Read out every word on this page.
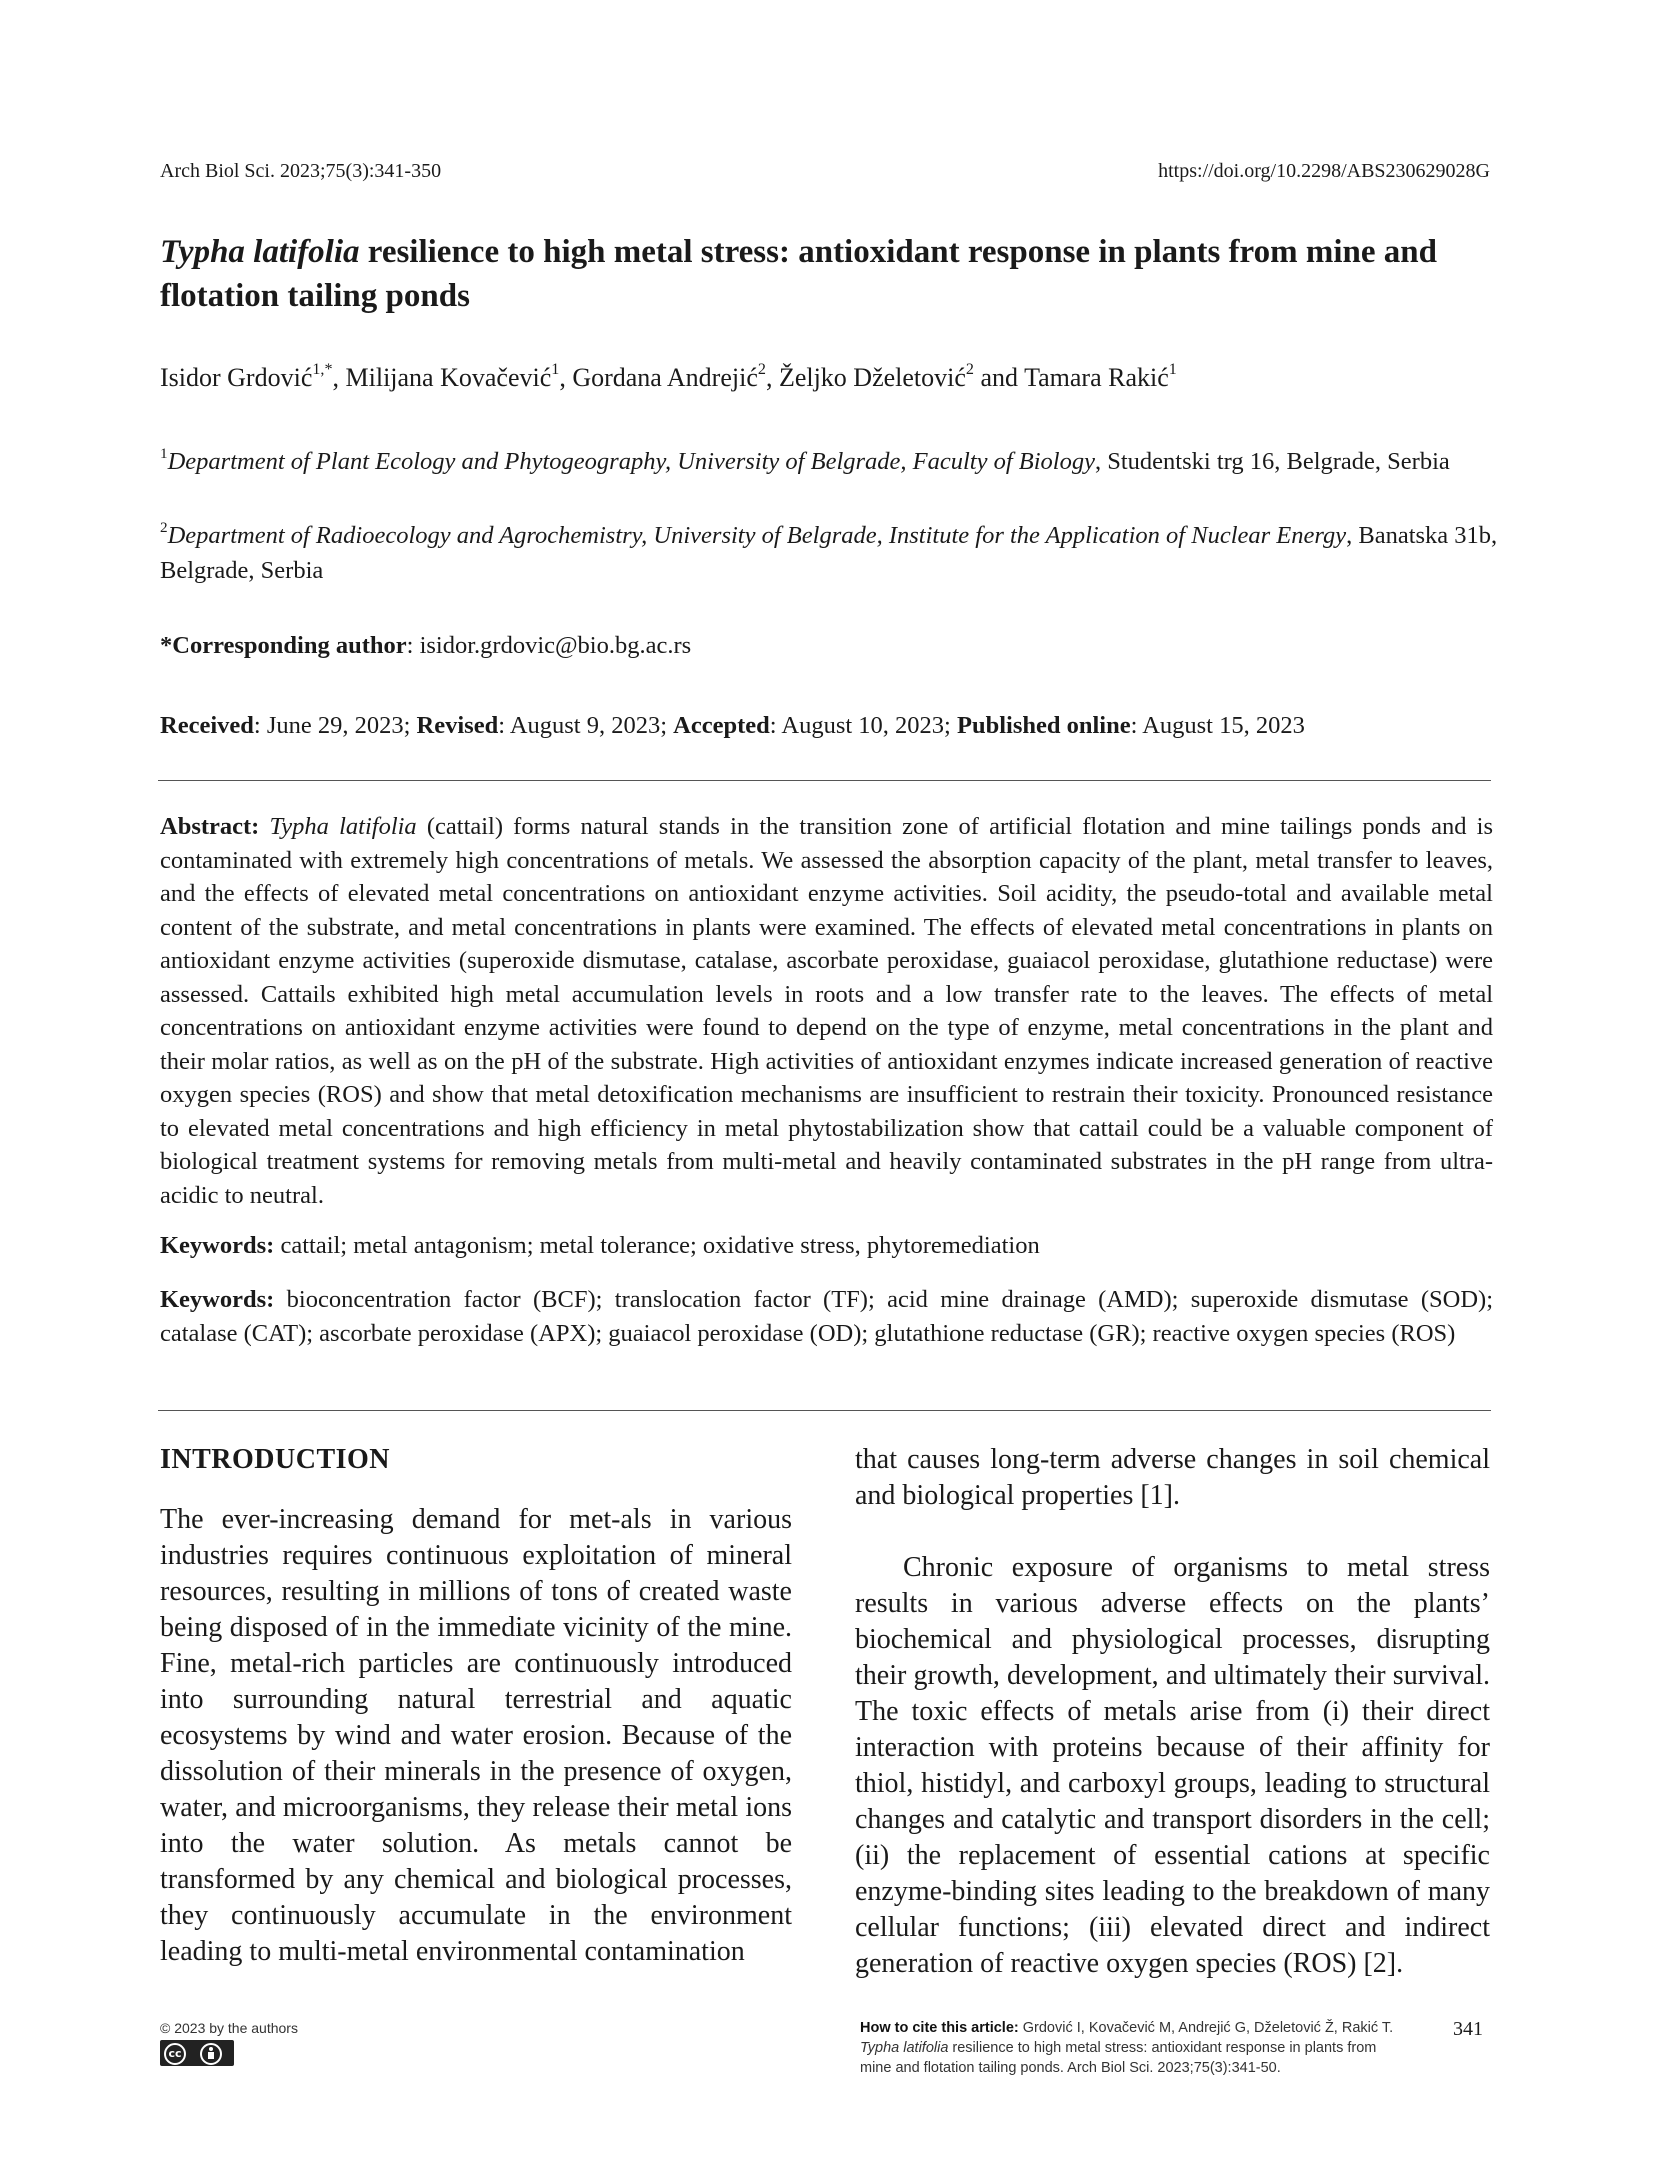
Arch Biol Sci. 2023;75(3):341-350	https://doi.org/10.2298/ABS230629028G
Typha latifolia resilience to high metal stress: antioxidant response in plants from mine and flotation tailing ponds
Isidor Grdović$^{1,*}$, Milijana Kovačević$^1$, Gordana Andrejić$^2$, Željko Dželetović$^2$ and Tamara Rakić$^1$
$^1$Department of Plant Ecology and Phytogeography, University of Belgrade, Faculty of Biology, Studentski trg 16, Belgrade, Serbia
$^2$Department of Radioecology and Agrochemistry, University of Belgrade, Institute for the Application of Nuclear Energy, Banatska 31b, Belgrade, Serbia
*Corresponding author: isidor.grdovic@bio.bg.ac.rs
Received: June 29, 2023; Revised: August 9, 2023; Accepted: August 10, 2023; Published online: August 15, 2023
Abstract: Typha latifolia (cattail) forms natural stands in the transition zone of artificial flotation and mine tailings ponds and is contaminated with extremely high concentrations of metals. We assessed the absorption capacity of the plant, metal transfer to leaves, and the effects of elevated metal concentrations on antioxidant enzyme activities. Soil acidity, the pseudo-total and available metal content of the substrate, and metal concentrations in plants were examined. The effects of elevated metal concentrations in plants on antioxidant enzyme activities (superoxide dismutase, catalase, ascorbate peroxidase, guaiacol peroxidase, glutathione reductase) were assessed. Cattails exhibited high metal accumulation levels in roots and a low transfer rate to the leaves. The effects of metal concentrations on antioxidant enzyme activities were found to depend on the type of enzyme, metal concentrations in the plant and their molar ratios, as well as on the pH of the substrate. High activities of antioxidant enzymes indicate increased generation of reactive oxygen species (ROS) and show that metal detoxification mechanisms are insufficient to restrain their toxicity. Pronounced resistance to elevated metal concentrations and high efficiency in metal phytostabilization show that cattail could be a valuable component of biological treatment systems for removing metals from multi-metal and heavily contaminated substrates in the pH range from ultra-acidic to neutral.
Keywords: cattail; metal antagonism; metal tolerance; oxidative stress, phytoremediation
Keywords: bioconcentration factor (BCF); translocation factor (TF); acid mine drainage (AMD); superoxide dismutase (SOD); catalase (CAT); ascorbate peroxidase (APX); guaiacol peroxidase (OD); glutathione reductase (GR); reactive oxygen species (ROS)
INTRODUCTION
The ever-increasing demand for met-als in various industries requires continuous exploitation of mineral resources, resulting in millions of tons of created waste being disposed of in the immediate vicinity of the mine. Fine, metal-rich particles are continuously introduced into surrounding natural terrestrial and aquatic ecosystems by wind and water erosion. Because of the dissolution of their minerals in the presence of oxygen, water, and microorganisms, they release their metal ions into the water solution. As metals cannot be transformed by any chemical and biological processes, they continuously accumulate in the environment leading to multi-metal environmental contamination
that causes long-term adverse changes in soil chemical and biological properties [1].
Chronic exposure of organisms to metal stress results in various adverse effects on the plants’ biochemical and physiological processes, disrupting their growth, development, and ultimately their survival. The toxic effects of metals arise from (i) their direct interaction with proteins because of their affinity for thiol, histidyl, and carboxyl groups, leading to structural changes and catalytic and transport disorders in the cell; (ii) the replacement of essential cations at specific enzyme-binding sites leading to the breakdown of many cellular functions; (iii) elevated direct and indirect generation of reactive oxygen species (ROS) [2].
© 2023 by the authors
cc
How to cite this article: Grdović I, Kovačević M, Andrejić G, Dželetović Ž, Rakić T. Typha latifolia resilience to high metal stress: antioxidant response in plants from mine and flotation tailing ponds. Arch Biol Sci. 2023;75(3):341-50.
341
